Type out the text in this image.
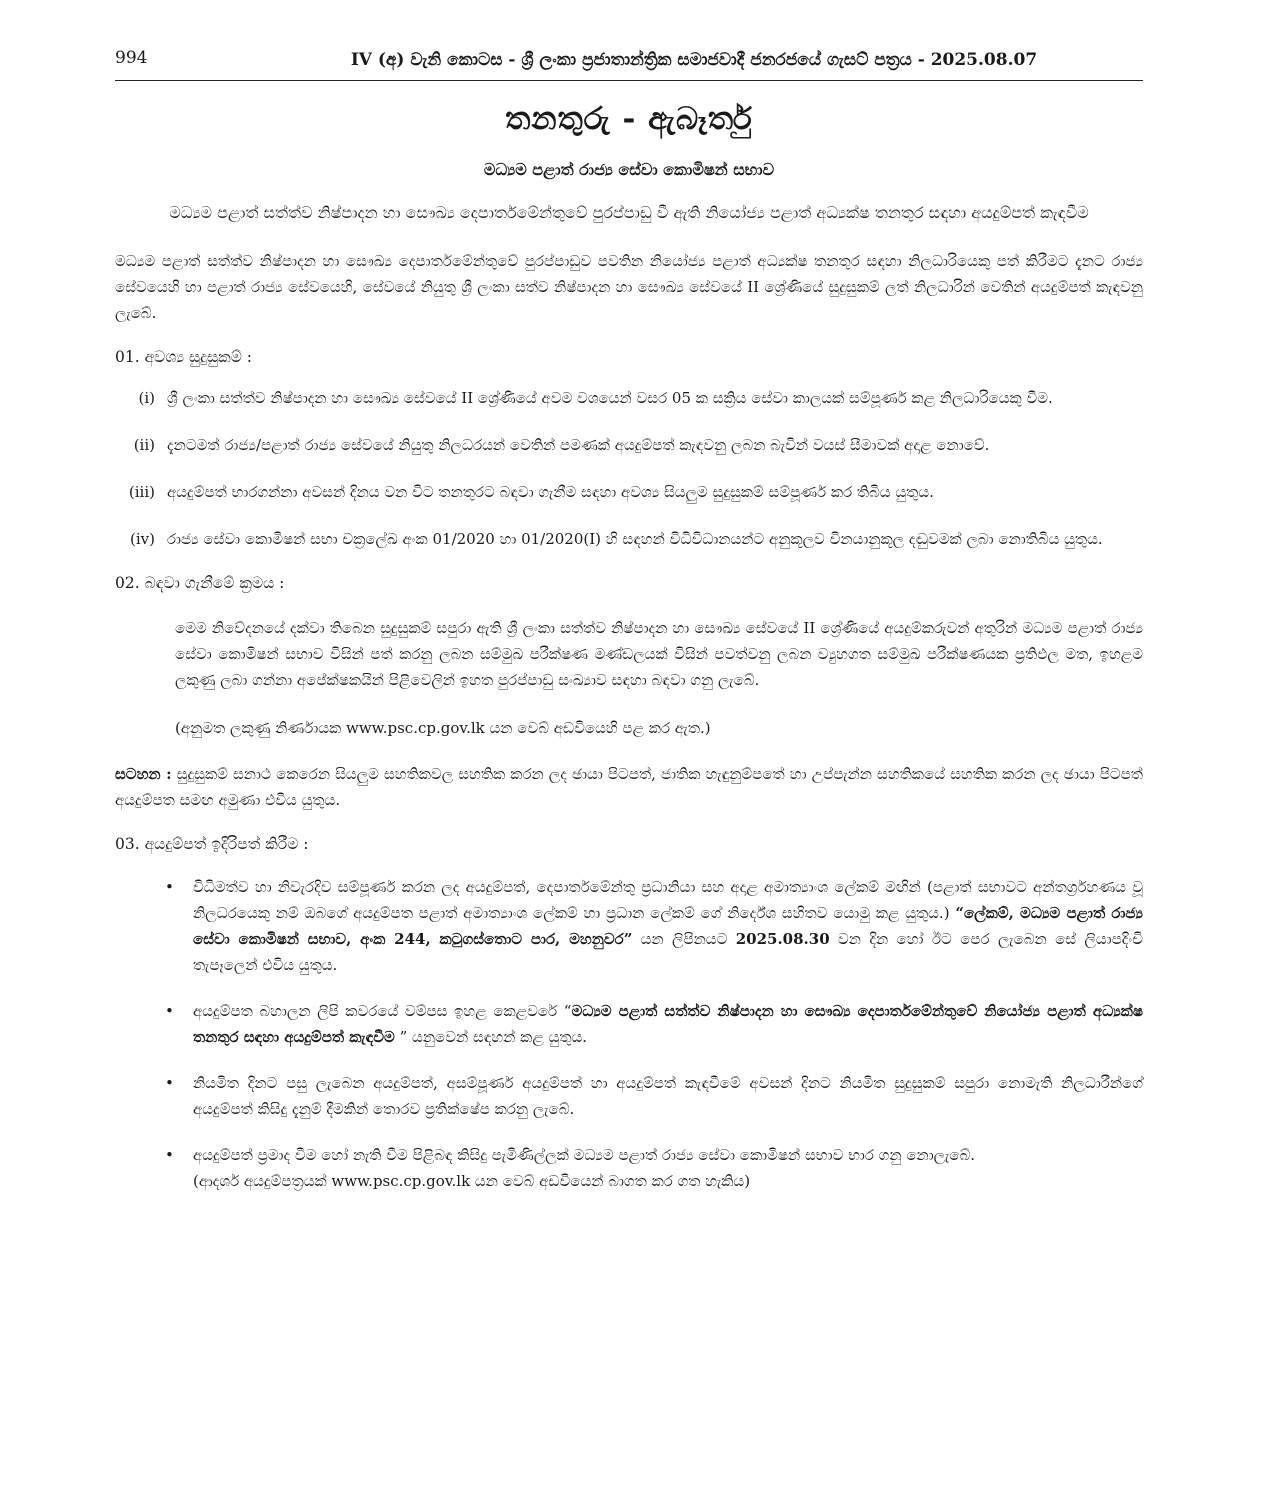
994	IV (අ) වැනි කොටස - ශ්‍රී ලංකා ප්‍රජාතාන්ත්‍රික සමාජවාදී ජනරජයේ ගැසට් පත්‍රය - 2025.08.07
තනතුරු - ඇබෑර්තු
මධ්‍යම පළාත් රාජ්‍ය සේවා කොමිෂන් සභාව
මධ්‍යම පළාත් සත්ත්ව නිෂ්පාදන හා සෞඛ්‍ය දෙපාර්තමේන්තුවේ පුරප්පාඩු වී ඇති නියෝජ්‍ය පළාත් අධ්‍යක්ෂ තනතුර සඳහා අයදුම්පත් කැඳවීම
මධ්‍යම පළාත් සත්ත්ව නිෂ්පාදන හා සෞඛ්‍ය දෙපාර්තමේන්තුවේ පුරප්පාඩුව පවතින නියෝජ්‍ය පළාත් අධ්‍යක්ෂ තනතුර සඳහා නිලධාරියෙකු පත් කිරීමට දැනට රාජ්‍ය සේවයෙහි හා පළාත් රාජ්‍ය සේවයෙහි, සේවයේ නියුතු ශ්‍රී ලංකා සත්ව නිෂ්පාදන හා සෞඛ්‍ය සේවයේ II ශ්‍රේණියේ සුදුසුකම් ලත් නිලධාරින් වෙතින් අයදුම්පත් කැඳවනු ලැබේ.
01. අවශ්‍ය සුදුසුකම් :
(i) ශ්‍රී ලංකා සත්ත්ව නිෂ්පාදන හා සෞඛ්‍ය සේවයේ II ශ්‍රේණියේ අවම වශයෙන් වසර 05 ක සක්‍රිය සේවා කාලයක් සම්පූර්ණ කළ නිලධාරියෙකු වීම.
(ii) දැනටමත් රාජ්‍ය/පළාත් රාජ්‍ය සේවයේ නියුතු නිලධරයන් වෙතින් පමණක් අයදුම්පත් කැඳවනු ලබන බැවින් වයස් සීමාවක් අදාළ නොවේ.
(iii) අයදුම්පත් භාරගන්නා අවසන් දිනය වන විට තනතුරට බඳවා ගැනීම සඳහා අවශ්‍ය සියලුම සුදුසුකම් සම්පූර්ණ කර තිබිය යුතුය.
(iv) රාජ්‍ය සේවා කොමිෂන් සභා චක්‍රලේඛ අංක 01/2020 හා 01/2020(I) හි සඳහන් විධිවිධානයන්ට අනුකූලව විනයානුකූල දඬුවමක් ලබා නොතිබිය යුතුය.
02. බඳවා ගැනීමේ ක්‍රමය :
මෙම නිවේදනයේ දක්වා තිබෙන සුදුසුකම් සපුරා ඇති ශ්‍රී ලංකා සත්ත්ව නිෂ්පාදන හා සෞඛ්‍ය සේවයේ II ශ්‍රේණියේ අයදුම්කරුවන් අතුරින් මධ්‍යම පළාත් රාජ්‍ය සේවා කොමිෂන් සභාව විසින් පත් කරනු ලබන සම්මුඛ පරීක්ෂණ මණ්ඩලයක් විසින් පවත්වනු ලබන ව්‍යුහගත සම්මුඛ පරීක්ෂණයක ප්‍රතිඵල මත, ඉහළම ලකුණු ලබා ගන්නා අපේක්ෂකයින් පිළිවෙලින් ඉහත පුරප්පාඩු සංඛ්‍යාව සඳහා බඳවා ගනු ලැබේ.
(අනුමත ලකුණු නිර්ණායක www.psc.cp.gov.lk යන වෙබ් අඩවියෙහි පළ කර ඇත.)
සටහන : සුදුසුකම් සනාථ කෙරෙන සියලුම සහතිකවල සහතික කරන ලද ඡායා පිටපත්, ජාතික හැඳුනුම්පතේ හා උප්පැන්න සහතිකයේ සහතික කරන ලද ඡායා පිටපත් අයදුම්පත සමඟ අමුණා එවිය යුතුය.
03. අයදුම්පත් ඉදිරිපත් කිරීම :
•	විධිමත්ව හා නිවැරදිව සම්පූර්ණ කරන ලද අයදුම්පත්, දෙපාර්තමේන්තු ප්‍රධානියා සහ අදාළ අමාත්‍යාංශ ලේකම් මඟින් (පළාත් සභාවට අන්තර්ග්‍රහණය වූ නිලධරයෙකු නම් ඔබගේ අයදුම්පත පළාත් අමාත්‍යාංශ ලේකම් හා ප්‍රධාන ලේකම් ගේ නිර්දේශ සහිතව යොමු කළ යුතුය.) “ලේකම්, මධ්‍යම පළාත් රාජ්‍ය සේවා කොමිෂන් සභාව, අංක 244, කටුගස්තොට පාර, මහනුවර” යන ලිපිනයට 2025.08.30 වන දින හෝ ඊට පෙර ලැබෙන සේ ලියාපදිංචි තැපෑලෙන් එවිය යුතුය.
•	අයදුම්පත බහාලන ලිපි කවරයේ වම්පස ඉහළ කෙළවරේ “මධ්‍යම පළාත් සත්ත්ව නිෂ්පාදන හා සෞඛ්‍ය දෙපාර්තමේන්තුවේ නියෝජ්‍ය පළාත් අධ්‍යක්ෂ තනතුර සඳහා අයදුම්පත් කැඳවීම ” යනුවෙන් සඳහන් කළ යුතුය.
•	නියමිත දිනට පසු ලැබෙන අයදුම්පත්, අසම්පූර්ණ අයදුම්පත් හා අයදුම්පත් කැඳවීමේ අවසන් දිනට නියමිත සුදුසුකම් සපුරා නොමැති නිලධාරීන්ගේ අයදුම්පත් කිසිදු දැනුම් දීමකින් තොරව ප්‍රතික්ෂේප කරනු ලැබේ.
•	අයදුම්පත් ප්‍රමාද වීම හෝ නැති වීම පිළිබඳ කිසිදු පැමිණිල්ලක් මධ්‍යම පළාත් රාජ්‍ය සේවා කොමිෂන් සභාව භාර ගනු නොලැබේ.
(ආදර්ශ අයදුම්පත්‍රයක් www.psc.cp.gov.lk යන වෙබ් අඩවියෙන් බාගත කර ගත හැකිය)
